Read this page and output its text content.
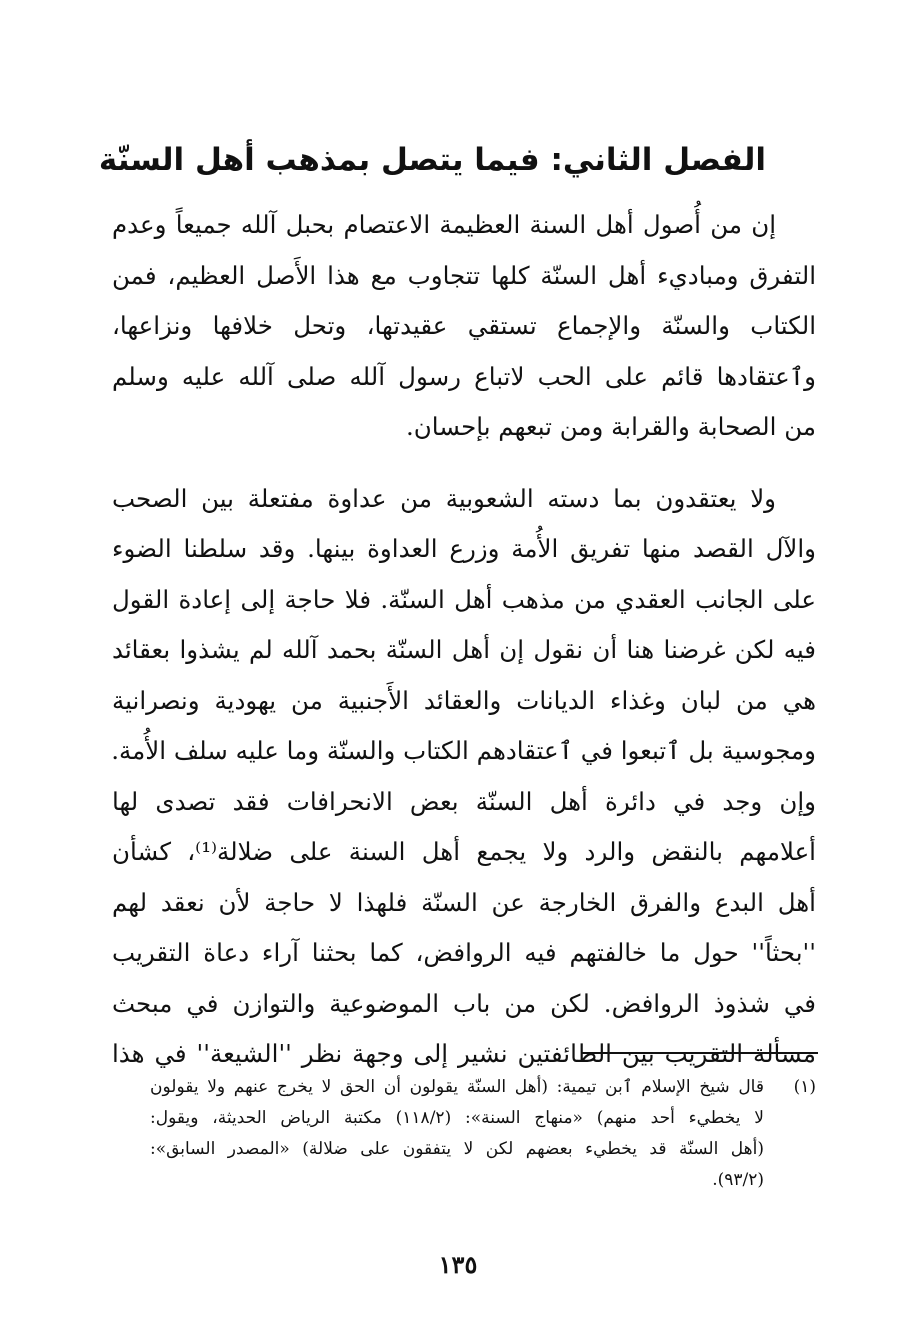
الفصل الثاني: فيما يتصل بمذهب أهل السنّة

إن من أُصول أهل السنة العظيمة الاعتصام بحبل آلله جميعاً وعدم
التفرق ومباديء أهل السنّة كلها تتجاوب مع هذا الأَصل العظيم، فمن
الكتاب والسنّة والإجماع تستقي عقيدتها، وتحل خلافها ونزاعها،
وٱعتقادها قائم على الحب لاتباع رسول آلله صلى آلله عليه وسلم
من الصحابة والقرابة ومن تبعهم بإحسان.

ولا يعتقدون بما دسته الشعوبية من عداوة مفتعلة بين الصحب
والآل القصد منها تفريق الأُمة وزرع العداوة بينها. وقد سلطنا الضوء
على الجانب العقدي من مذهب أهل السنّة. فلا حاجة إلى إعادة القول
فيه لكن غرضنا هنا أن نقول إن أهل السنّة بحمد آلله لم يشذوا بعقائد
هي من لبان وغذاء الديانات والعقائد الأَجنبية من يهودية ونصرانية
ومجوسية بل ٱتبعوا في ٱعتقادهم الكتاب والسنّة وما عليه سلف الأُمة.
وإن وجد في دائرة أهل السنّة بعض الانحرافات فقد تصدى لها
أعلامهم بالنقض والرد ولا يجمع أهل السنة على ضلالة⁽¹⁾، كشأن
أهل البدع والفرق الخارجة عن السنّة فلهذا لا حاجة لأن نعقد لهم
''بحثاً'' حول ما خالفتهم فيه الروافض، كما بحثنا آراء دعاة التقريب
في شذوذ الروافض. لكن من باب الموضوعية والتوازن في مبحث
مسألة التقريب بين الطائفتين نشير إلى وجهة نظر ''الشيعة'' في هذا

(١)
قال شيخ الإسلام ٱبن تيمية: (أهل السنّة يقولون أن الحق لا يخرج عنهم ولا يقولون
لا يخطيء أحد منهم) «منهاج السنة»: (١١٨/٢) مكتبة الرياض الحديثة، ويقول:
(أهل السنّة قد يخطيء بعضهم لكن لا يتفقون على ضلالة) «المصدر السابق»:
(٩٣/٢).
١٣٥
